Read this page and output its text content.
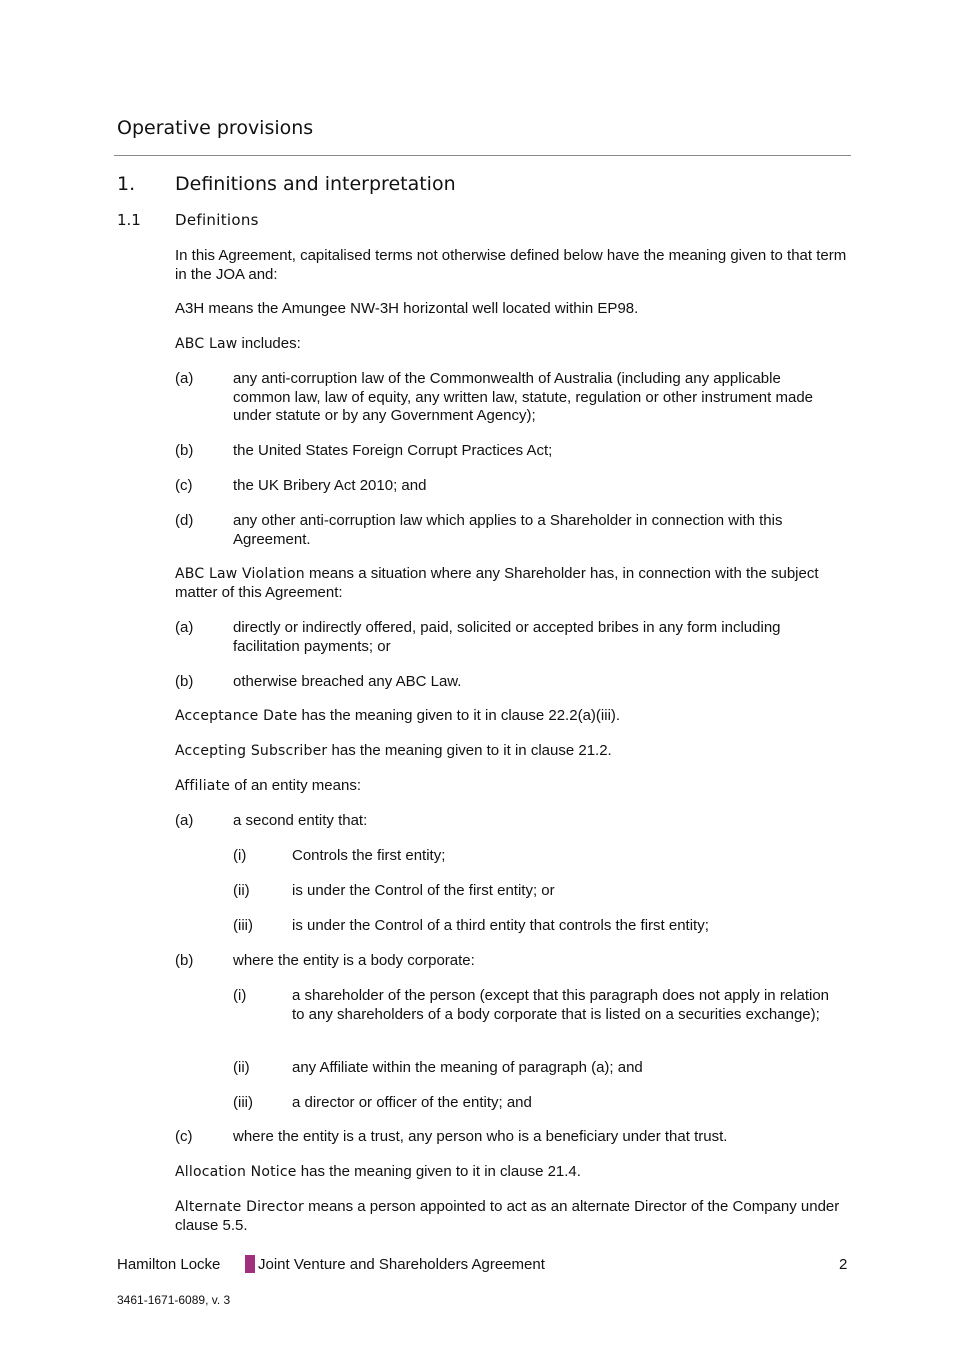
Operative provisions
1. Definitions and interpretation
1.1 Definitions
In this Agreement, capitalised terms not otherwise defined below have the meaning given to that term in the JOA and:
A3H means the Amungee NW-3H horizontal well located within EP98.
ABC Law includes:
(a)	any anti-corruption law of the Commonwealth of Australia (including any applicable common law, law of equity, any written law, statute, regulation or other instrument made under statute or by any Government Agency);
(b)	the United States Foreign Corrupt Practices Act;
(c)	the UK Bribery Act 2010; and
(d)	any other anti-corruption law which applies to a Shareholder in connection with this Agreement.
ABC Law Violation means a situation where any Shareholder has, in connection with the subject matter of this Agreement:
(a)	directly or indirectly offered, paid, solicited or accepted bribes in any form including facilitation payments; or
(b)	otherwise breached any ABC Law.
Acceptance Date has the meaning given to it in clause 22.2(a)(iii).
Accepting Subscriber has the meaning given to it in clause 21.2.
Affiliate of an entity means:
(a)	a second entity that:
(i)	Controls the first entity;
(ii)	is under the Control of the first entity; or
(iii)	is under the Control of a third entity that controls the first entity;
(b)	where the entity is a body corporate:
(i)	a shareholder of the person (except that this paragraph does not apply in relation to any shareholders of a body corporate that is listed on a securities exchange);
(ii)	any Affiliate within the meaning of paragraph (a); and
(iii)	a director or officer of the entity; and
(c)	where the entity is a trust, any person who is a beneficiary under that trust.
Allocation Notice has the meaning given to it in clause 21.4.
Alternate Director means a person appointed to act as an alternate Director of the Company under clause 5.5.
Hamilton Locke	Joint Venture and Shareholders Agreement	2
3461-1671-6089, v. 3
